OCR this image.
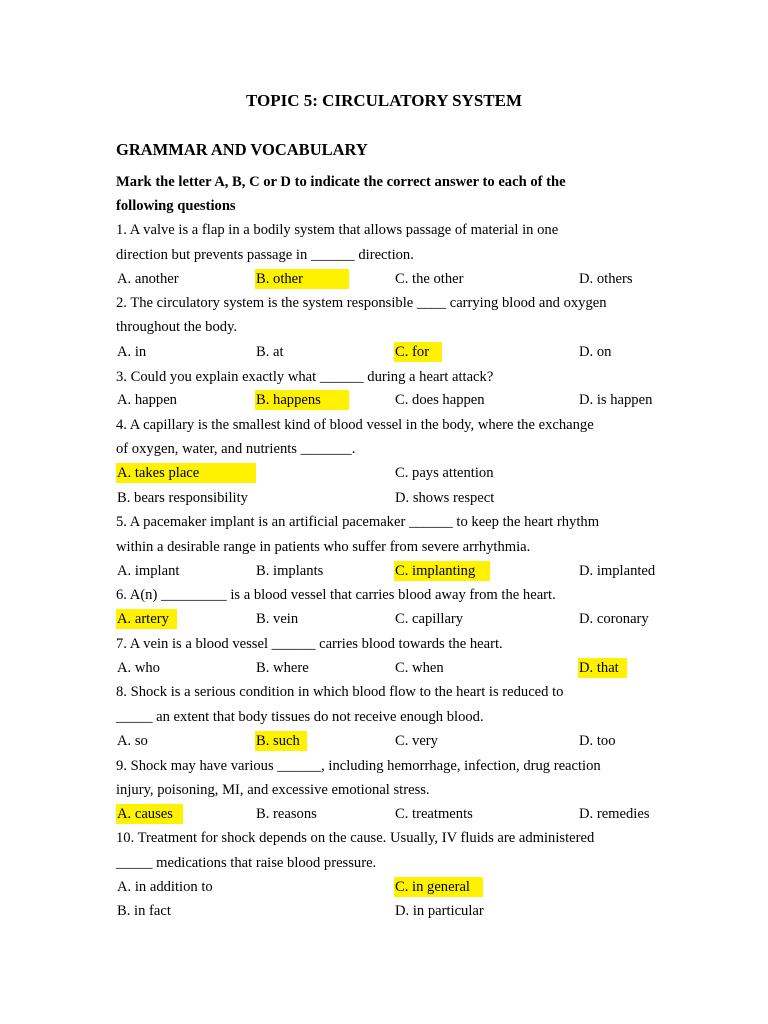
TOPIC 5: CIRCULATORY SYSTEM
GRAMMAR AND VOCABULARY
Mark the letter A, B, C or D to indicate the correct answer to each of the
following questions
1. A valve is a flap in a bodily system that allows passage of material in one
direction but prevents passage in ______ direction.
A. another	B. other	C. the other	D. others
2. The circulatory system is the system responsible ____ carrying blood and oxygen
throughout the body.
A. in	B. at	C. for	D. on
3. Could you explain exactly what ______ during a heart attack?
A. happen	B. happens	C. does happen	D. is happen
4. A capillary is the smallest kind of blood vessel in the body, where the exchange
of oxygen, water, and nutrients _______.
A. takes place	C. pays attention
B. bears responsibility	D. shows respect
5. A pacemaker implant is an artificial pacemaker ______ to keep the heart rhythm
within a desirable range in patients who suffer from severe arrhythmia.
A. implant	B. implants	C. implanting	D. implanted
6. A(n) _________ is a blood vessel that carries blood away from the heart.
A. artery	B. vein	C. capillary	D. coronary
7. A vein is a blood vessel ______ carries blood towards the heart.
A. who	B. where	C. when	D. that
8. Shock is a serious condition in which blood flow to the heart is reduced to
_____ an extent that body tissues do not receive enough blood.
A. so	B. such	C. very	D. too
9. Shock may have various ______, including hemorrhage, infection, drug reaction
injury, poisoning, MI, and excessive emotional stress.
A. causes	B. reasons	C. treatments	D. remedies
10. Treatment for shock depends on the cause. Usually, IV fluids are administered
_____ medications that raise blood pressure.
A. in addition to	C. in general
B. in fact	D. in particular
